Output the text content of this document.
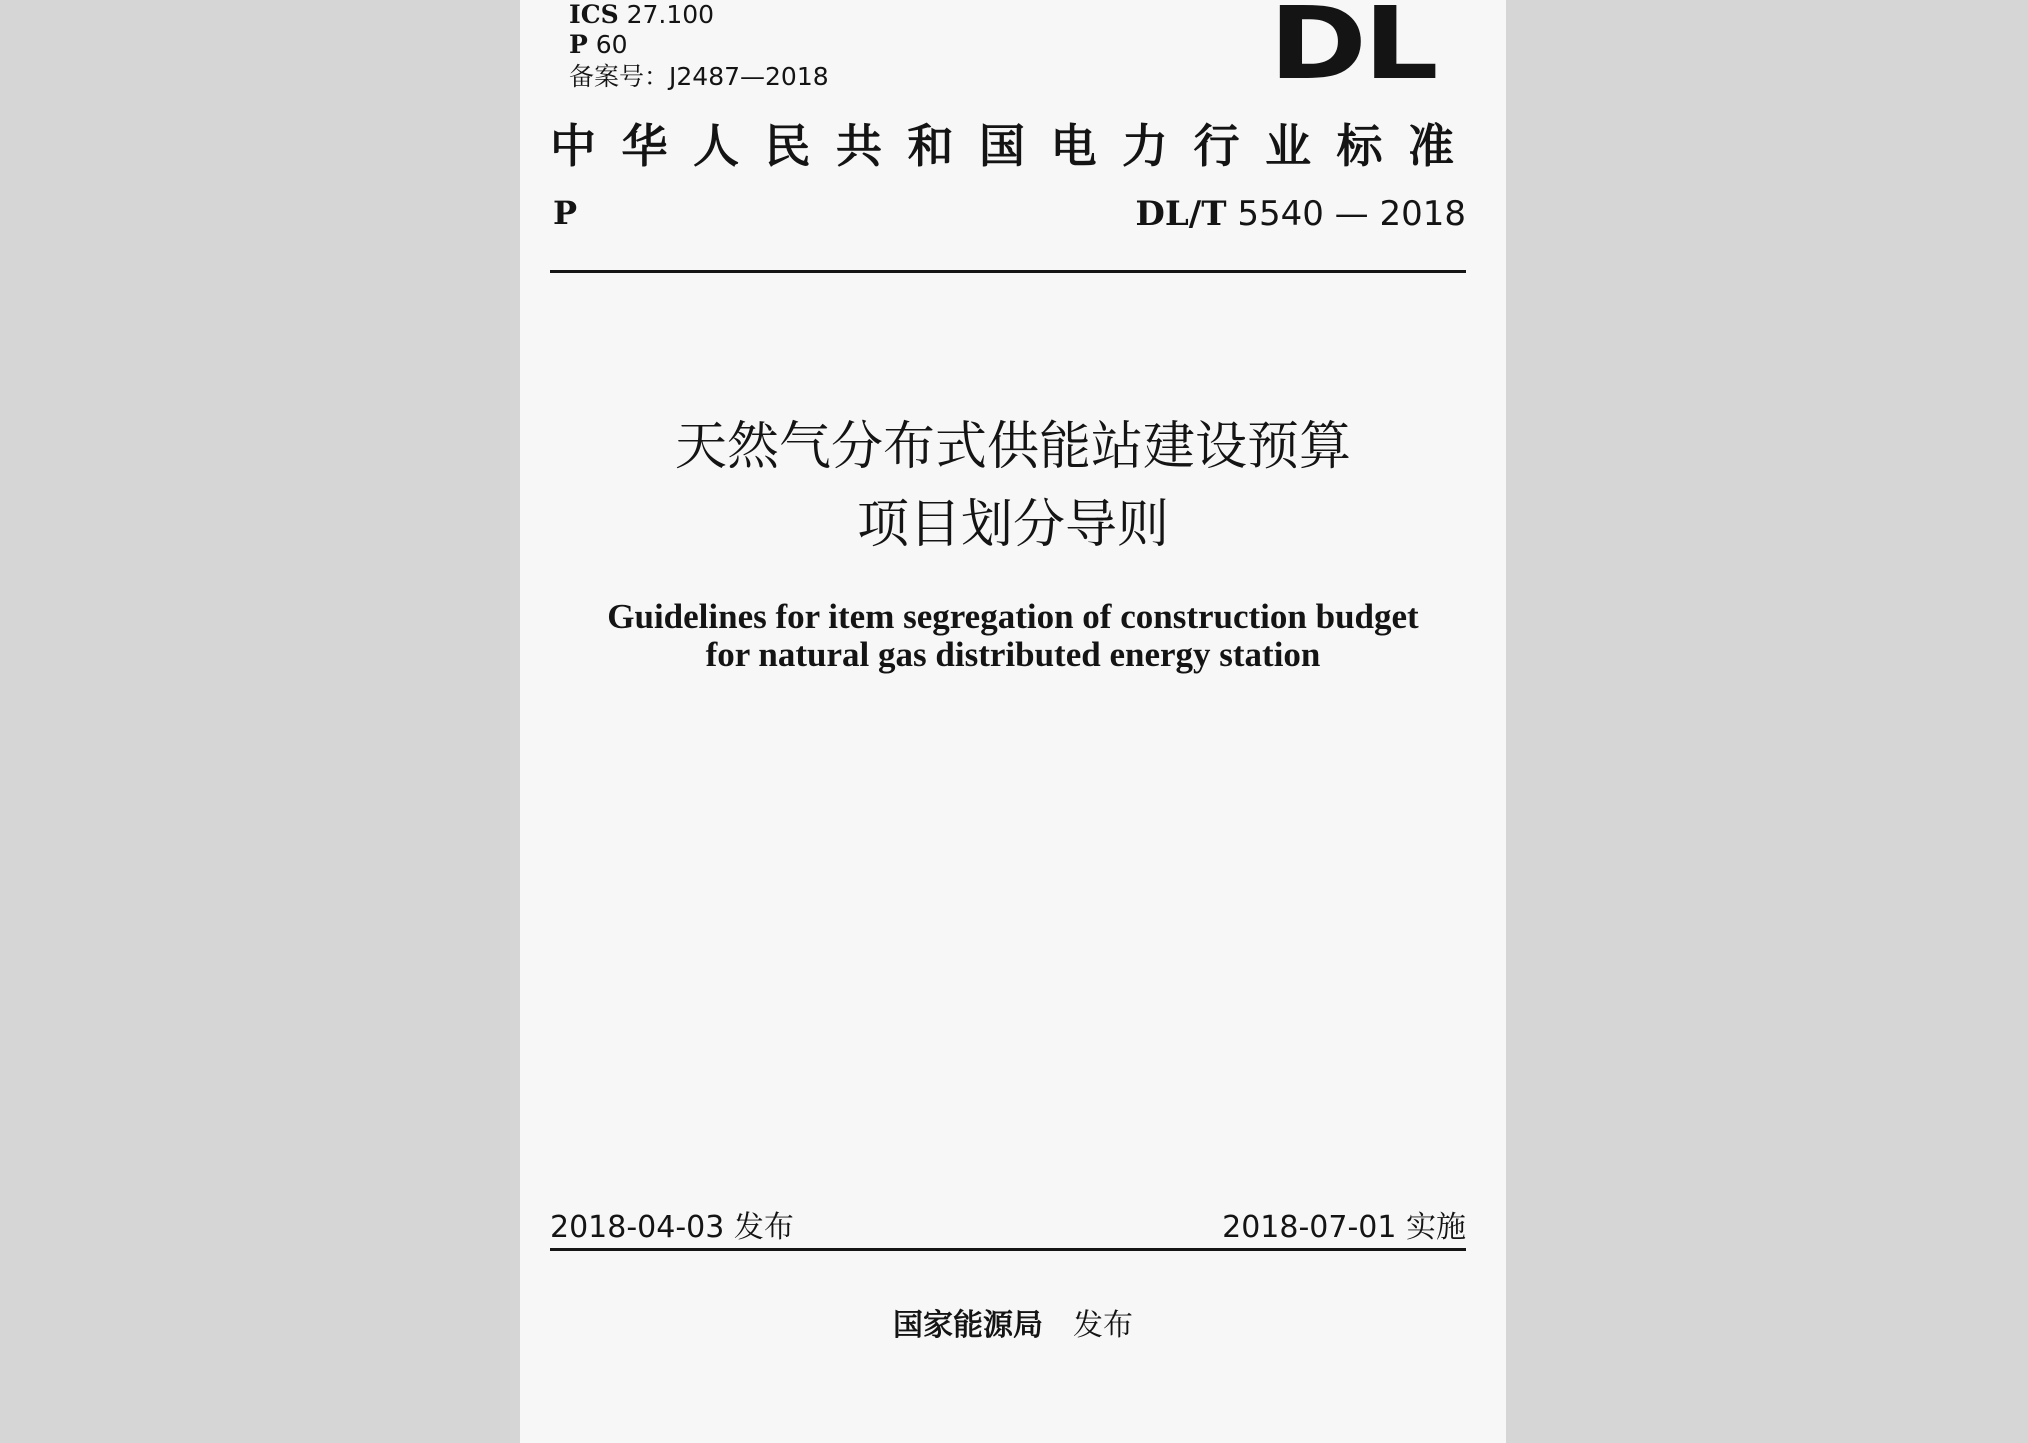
ICS 27.100
P 60
备案号：J2487—2018	DL
中华人民共和国电力行业标准
P	DL/T 5540 — 2018
天然气分布式供能站建设预算
项目划分导则
Guidelines for item segregation of construction budget
for natural gas distributed energy station
2018-04-03 发布	2018-07-01 实施
国家能源局 发布
